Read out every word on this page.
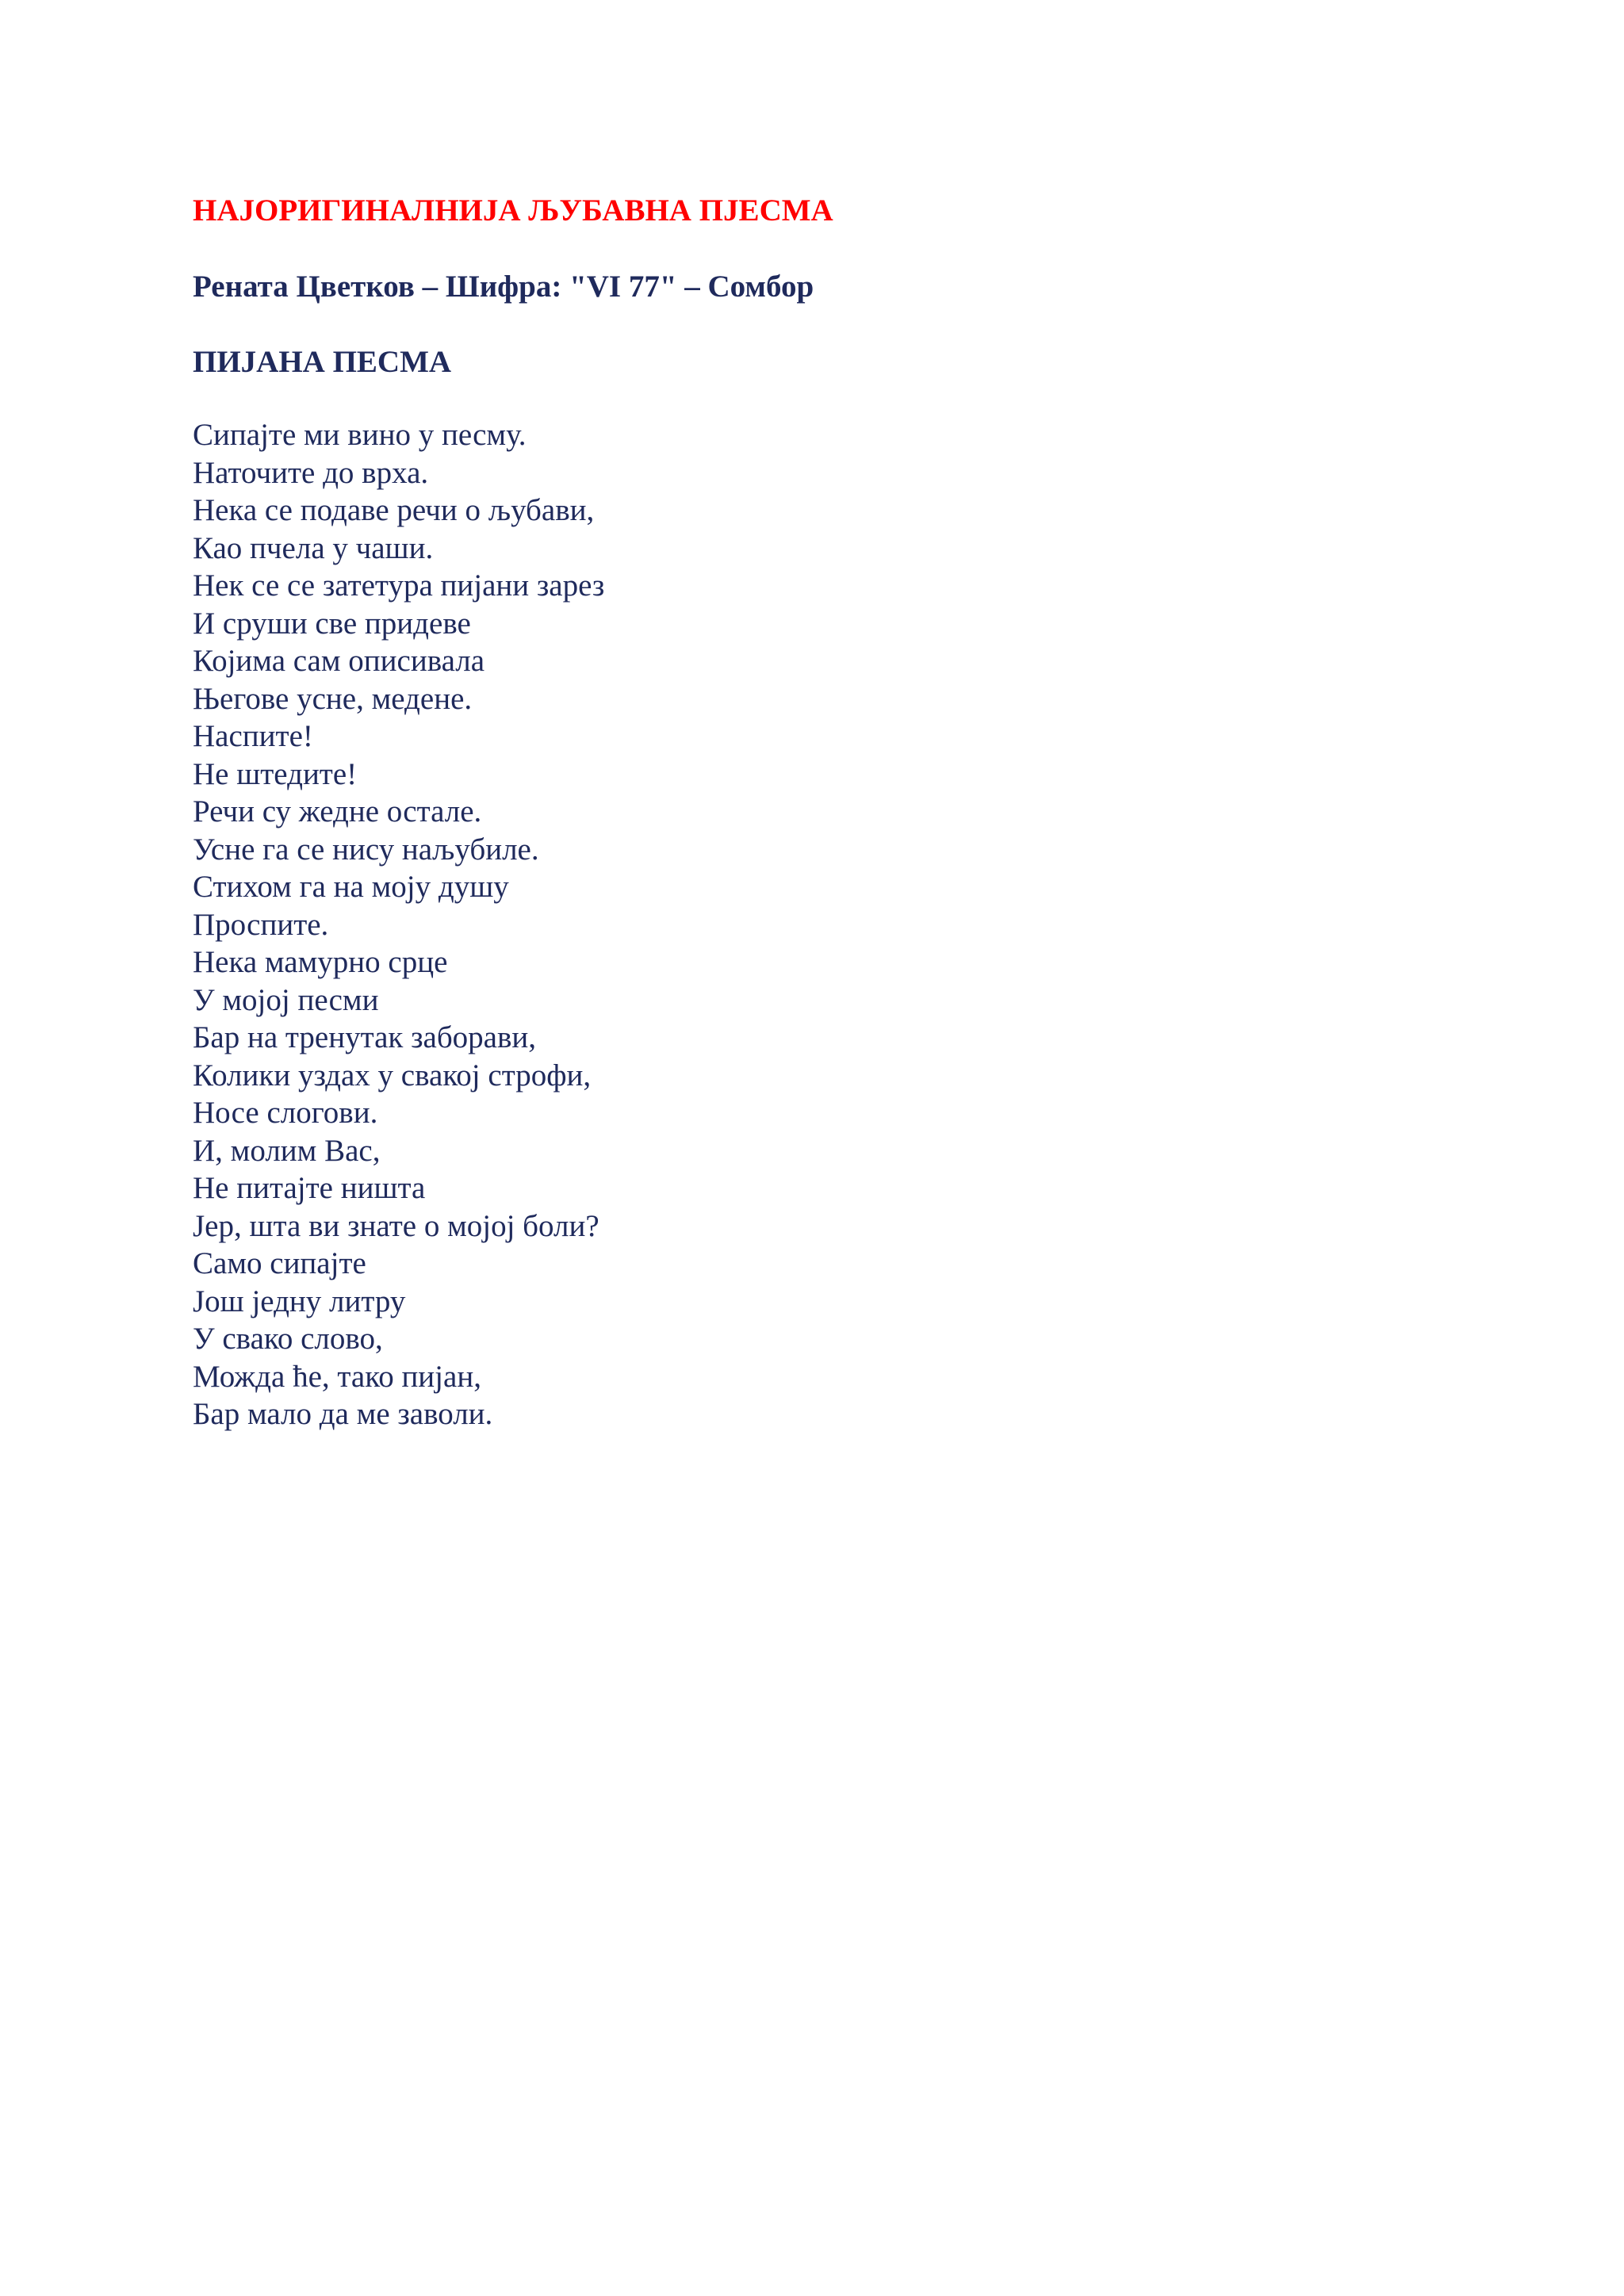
НАЈОРИГИНАЛНИЈА ЉУБАВНА ПЈЕСМА

Рената Цветков – Шифра: "VI 77" – Сомбор

ПИЈАНА ПЕСМА

Сипајте ми вино у песму.
Наточите до врха.
Нека се подаве речи о љубави,
Као пчела у чаши.
Нек се се затетура пијани зарез
И сруши све придеве
Којима сам описивала
Његове усне, медене.
Наспите!
Не штедите!
Речи су жедне остале.
Усне га се нису наљубиле.
Стихом га на моју душу
Проспите.
Нека мамурно срце
У мојој песми
Бар на тренутак заборави,
Колики уздах у свакој строфи,
Носе слогови.
И, молим Вас,
Не питајте ништа
Јер, шта ви знате о мојој боли?
Само сипајте
Још једну литру
У свако слово,
Можда ће, тако пијан,
Бар мало да ме заволи.
